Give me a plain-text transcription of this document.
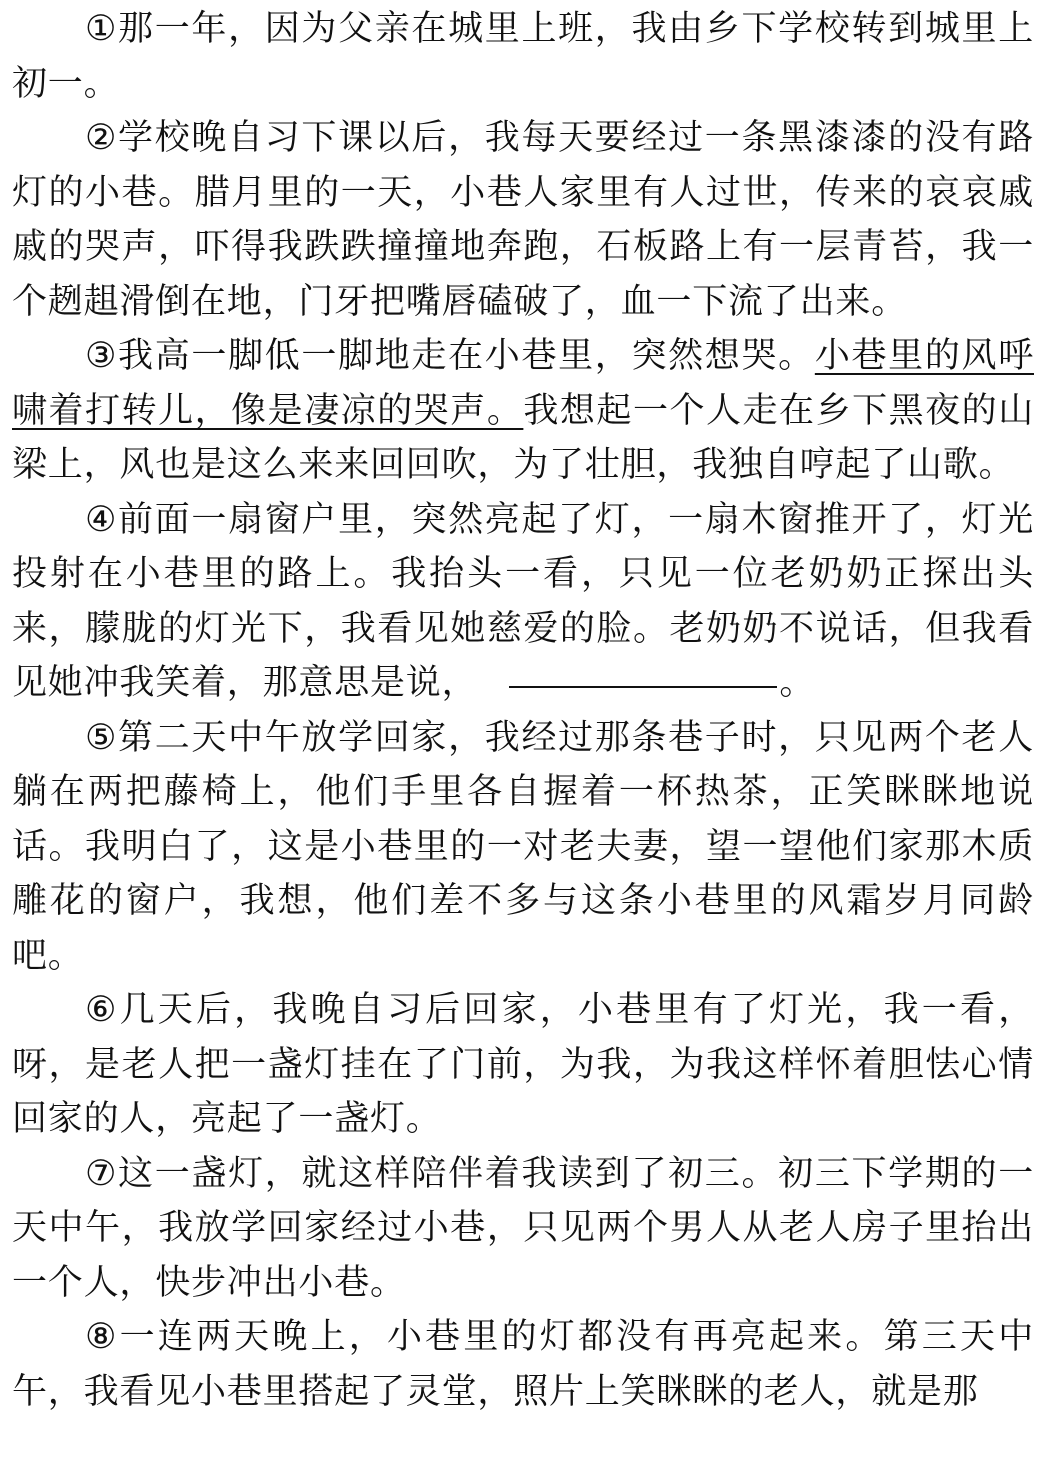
①那一年，因为父亲在城里上班，我由乡下学校转到城里上初一。

②学校晚自习下课以后，我每天要经过一条黑漆漆的没有路灯的小巷。腊月里的一天，小巷人家里有人过世，传来的哀哀戚戚的哭声，吓得我跌跌撞撞地奔跑，石板路上有一层青苔，我一个趔趄滑倒在地，门牙把嘴唇磕破了，血一下流了出来。

③我高一脚低一脚地走在小巷里，突然想哭。小巷里的风呼啸着打转儿，像是凄凉的哭声。我想起一个人走在乡下黑夜的山梁上，风也是这么来来回回吹，为了壮胆，我独自哼起了山歌。

④前面一扇窗户里，突然亮起了灯，一扇木窗推开了，灯光投射在小巷里的路上。我抬头一看，只见一位老奶奶正探出头来，朦胧的灯光下，我看见她慈爱的脸。老奶奶不说话，但我看见她冲我笑着，那意思是说，	。

⑤第二天中午放学回家，我经过那条巷子时，只见两个老人躺在两把藤椅上，他们手里各自握着一杯热茶，正笑眯眯地说话。我明白了，这是小巷里的一对老夫妻，望一望他们家那木质雕花的窗户，我想，他们差不多与这条小巷里的风霜岁月同龄吧。

⑥几天后，我晚自习后回家，小巷里有了灯光，我一看，呀，是老人把一盏灯挂在了门前，为我，为我这样怀着胆怯心情回家的人，亮起了一盏灯。

⑦这一盏灯，就这样陪伴着我读到了初三。初三下学期的一天中午，我放学回家经过小巷，只见两个男人从老人房子里抬出一个人，快步冲出小巷。

⑧一连两天晚上，小巷里的灯都没有再亮起来。第三天中午，我看见小巷里搭起了灵堂，照片上笑眯眯的老人，就是那
